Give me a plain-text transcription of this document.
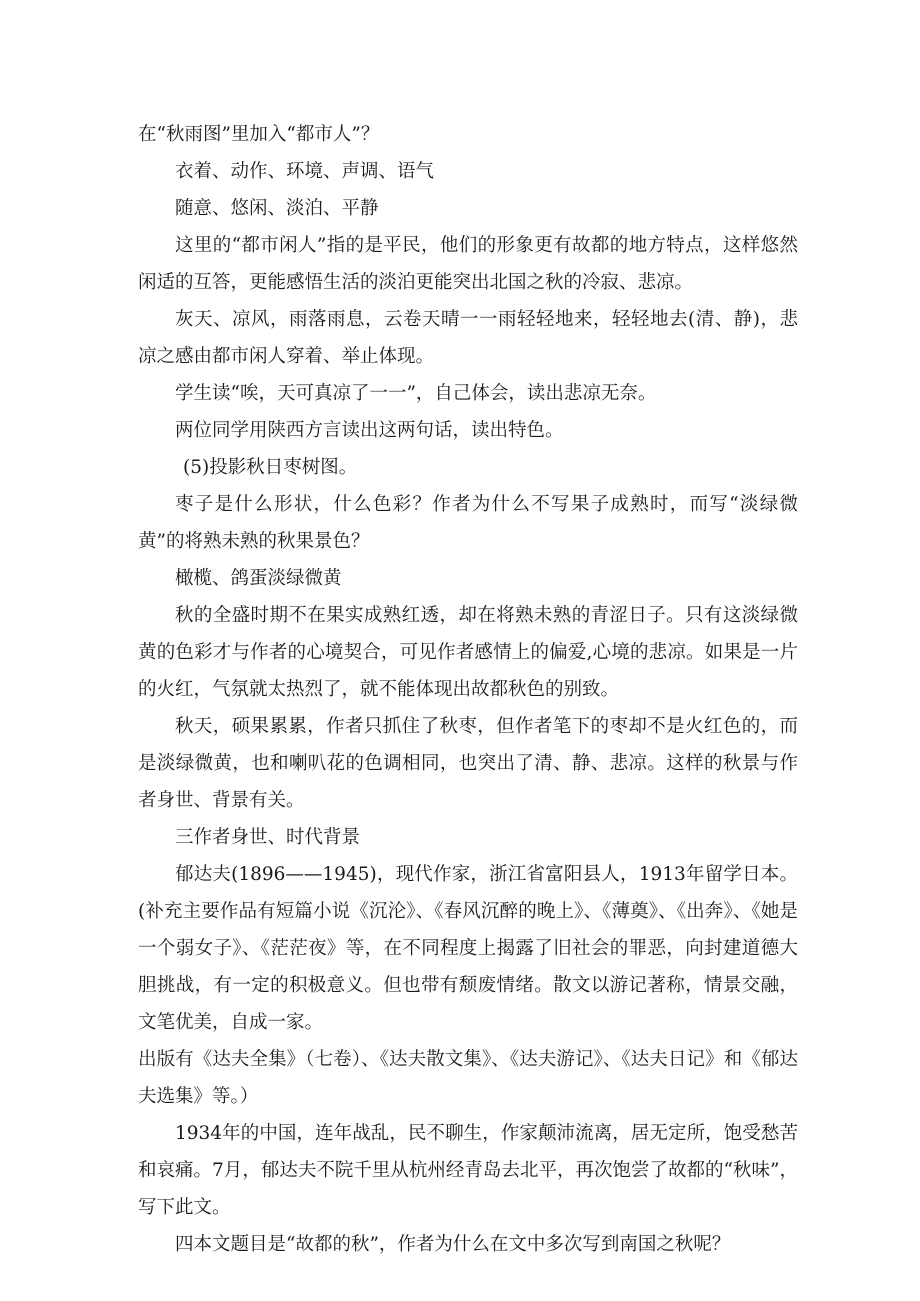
在“秋雨图”里加入“都市人”？

衣着、动作、环境、声调、语气

随意、悠闲、淡泊、平静

这里的“都市闲人”指的是平民，他们的形象更有故都的地方特点，这样悠然闲适的互答，更能感悟生活的淡泊更能突出北国之秋的冷寂、悲凉。

灰天、凉风，雨落雨息，云卷天晴一一雨轻轻地来，轻轻地去(清、静)，悲凉之感由都市闲人穿着、举止体现。

学生读“唉，天可真凉了一一”，自己体会，读出悲凉无奈。

两位同学用陕西方言读出这两句话，读出特色。

(5)投影秋日枣树图。

枣子是什么形状，什么色彩？作者为什么不写果子成熟时，而写“淡绿微黄”的将熟未熟的秋果景色？

橄榄、鸽蛋淡绿微黄

秋的全盛时期不在果实成熟红透，却在将熟未熟的青涩日子。只有这淡绿微黄的色彩才与作者的心境契合，可见作者感情上的偏爱,心境的悲凉。如果是一片的火红，气氛就太热烈了，就不能体现出故都秋色的别致。

秋天，硕果累累，作者只抓住了秋枣，但作者笔下的枣却不是火红色的，而是淡绿微黄，也和喇叭花的色调相同，也突出了清、静、悲凉。这样的秋景与作者身世、背景有关。

三作者身世、时代背景

郁达夫(1896——1945)，现代作家，浙江省富阳县人，1913年留学日本。(补充主要作品有短篇小说《沉沦》、《春风沉醉的晚上》、《薄奠》、《出奔》、《她是一个弱女子》、《茫茫夜》等，在不同程度上揭露了旧社会的罪恶，向封建道德大胆挑战，有一定的积极意义。但也带有颓废情绪。散文以游记著称，情景交融，文笔优美，自成一家。

出版有《达夫全集》（七卷）、《达夫散文集》、《达夫游记》、《达夫日记》和《郁达夫选集》等。）

1934年的中国，连年战乱，民不聊生，作家颠沛流离，居无定所，饱受愁苦和哀痛。7月，郁达夫不院千里从杭州经青岛去北平，再次饱尝了故都的“秋味”，写下此文。

四本文题目是“故都的秋”，作者为什么在文中多次写到南国之秋呢？
